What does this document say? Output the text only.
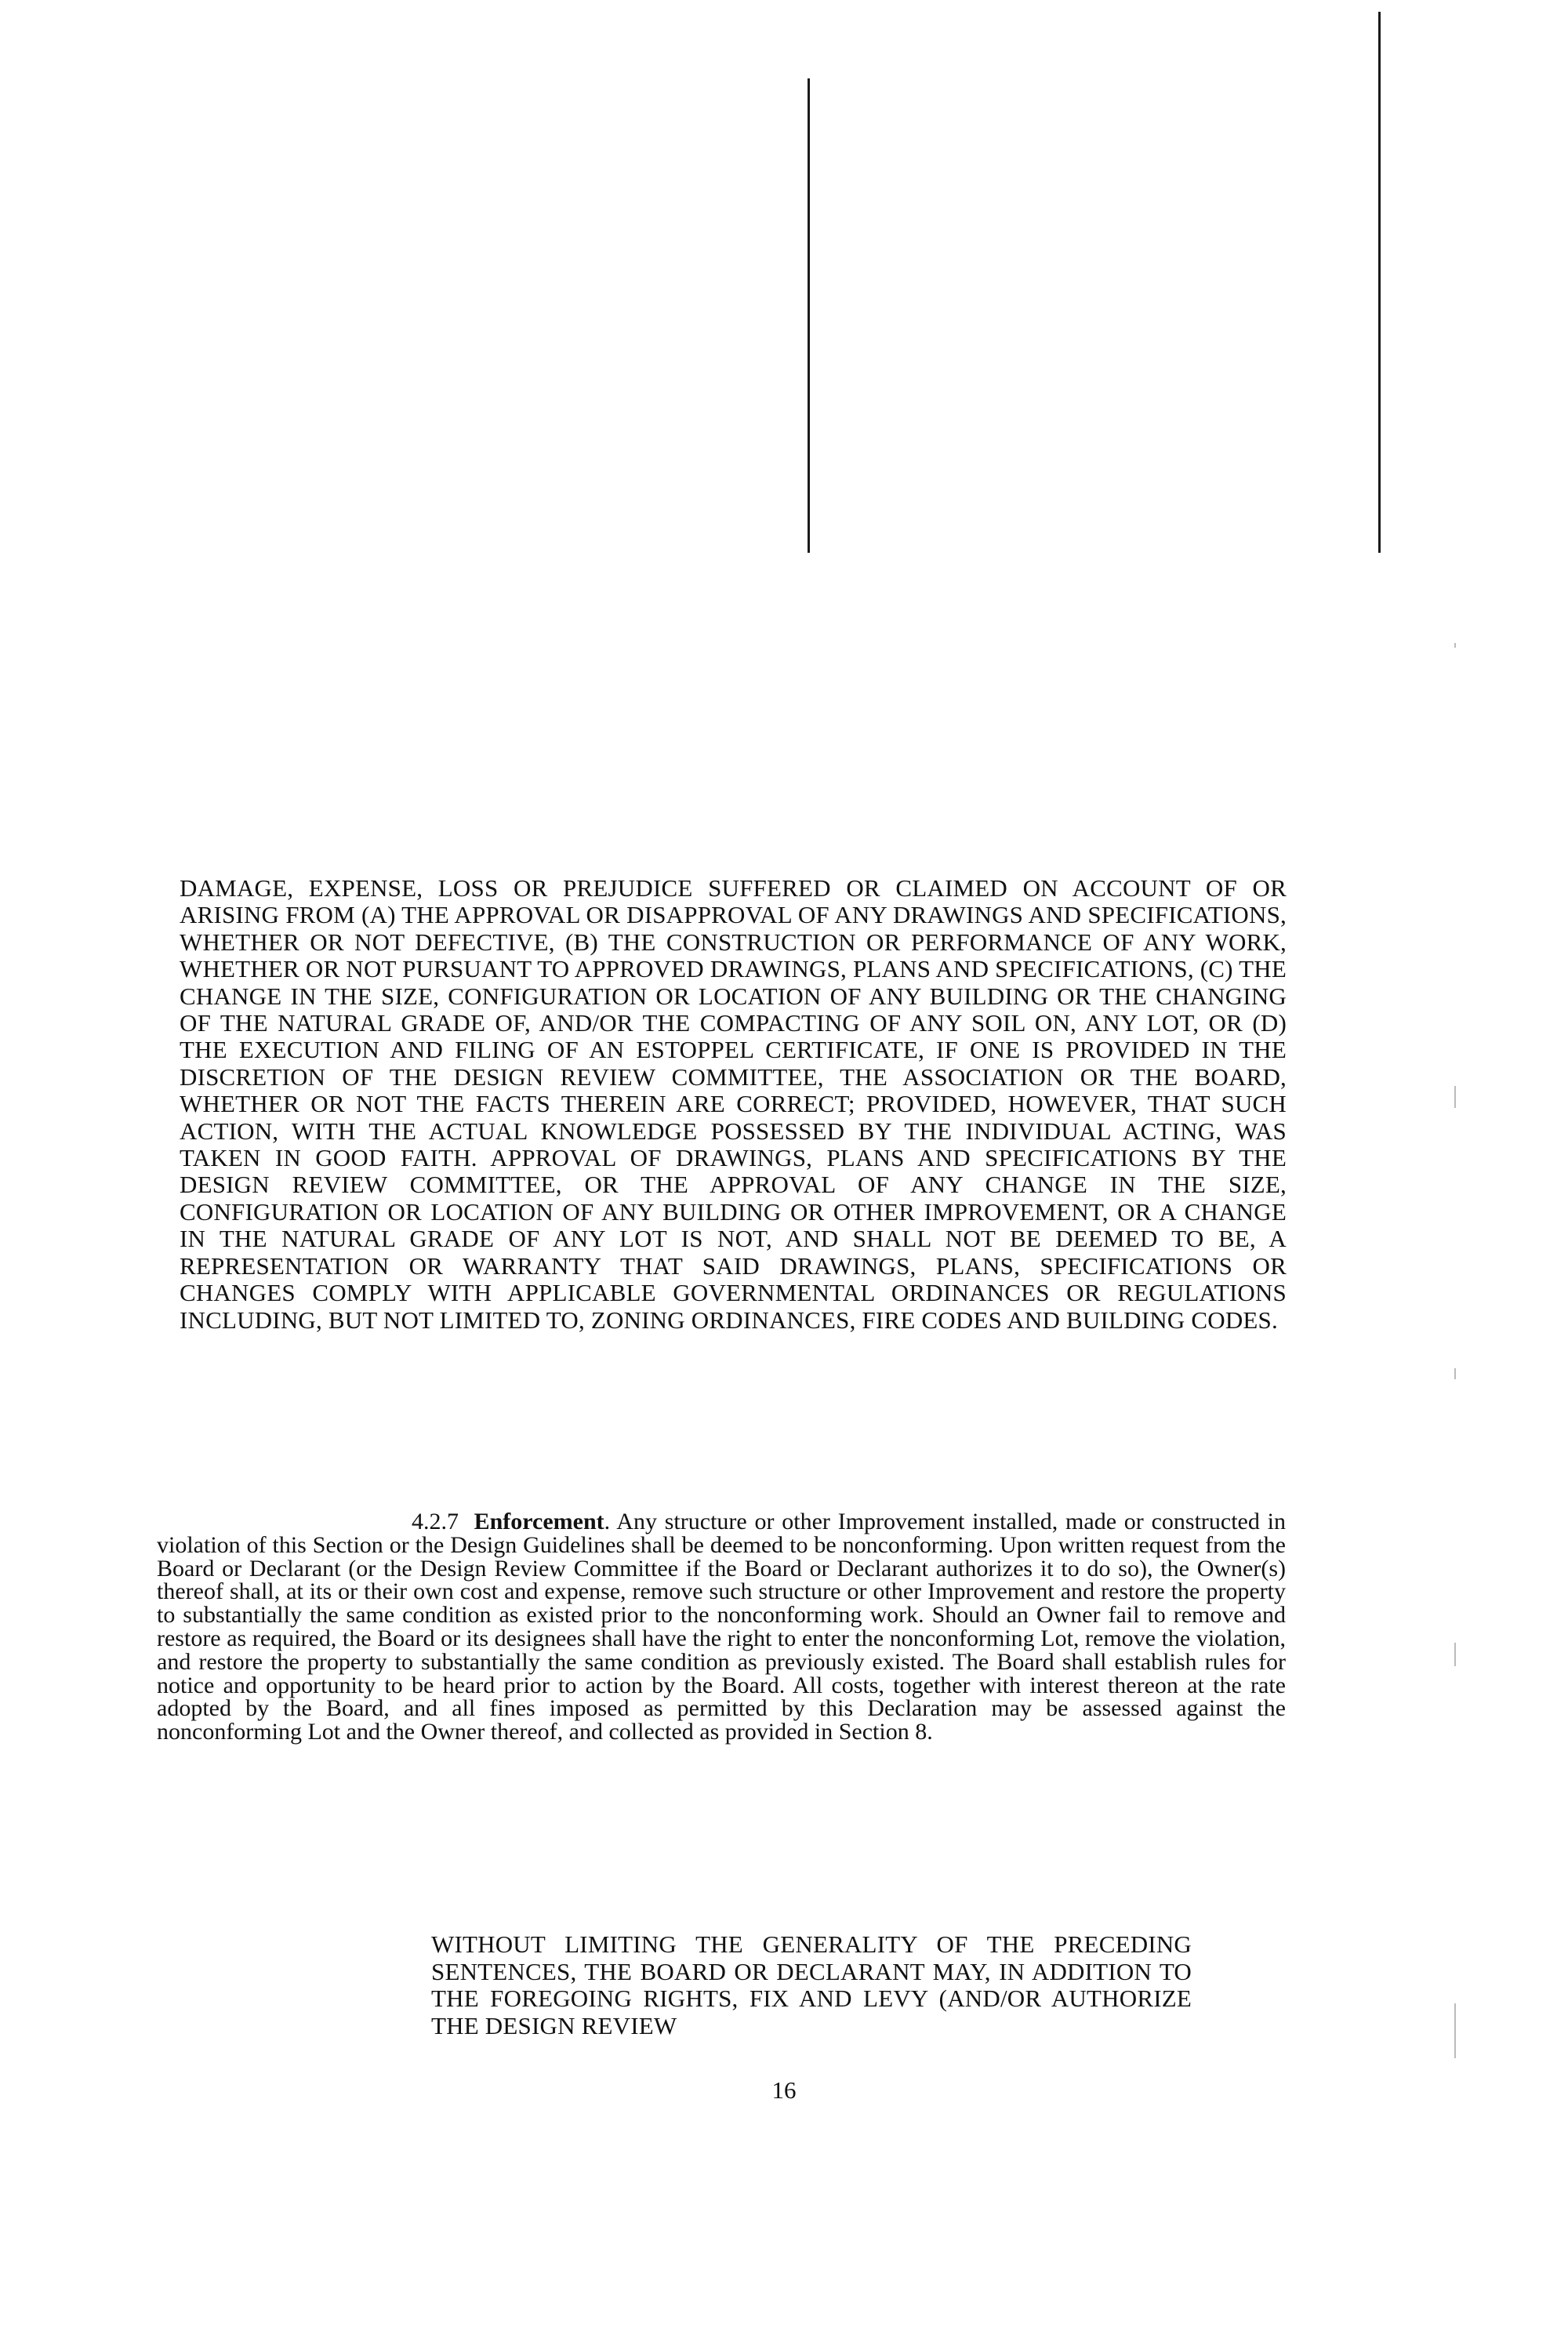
DAMAGE, EXPENSE, LOSS OR PREJUDICE SUFFERED OR CLAIMED ON ACCOUNT OF OR ARISING FROM (A) THE APPROVAL OR DISAPPROVAL OF ANY DRAWINGS AND SPECIFICATIONS, WHETHER OR NOT DEFECTIVE, (B) THE CONSTRUCTION OR PERFORMANCE OF ANY WORK, WHETHER OR NOT PURSUANT TO APPROVED DRAWINGS, PLANS AND SPECIFICATIONS, (C) THE CHANGE IN THE SIZE, CONFIGURATION OR LOCATION OF ANY BUILDING OR THE CHANGING OF THE NATURAL GRADE OF, AND/OR THE COMPACTING OF ANY SOIL ON, ANY LOT, OR (D) THE EXECUTION AND FILING OF AN ESTOPPEL CERTIFICATE, IF ONE IS PROVIDED IN THE DISCRETION OF THE DESIGN REVIEW COMMITTEE, THE ASSOCIATION OR THE BOARD, WHETHER OR NOT THE FACTS THEREIN ARE CORRECT; PROVIDED, HOWEVER, THAT SUCH ACTION, WITH THE ACTUAL KNOWLEDGE POSSESSED BY THE INDIVIDUAL ACTING, WAS TAKEN IN GOOD FAITH. APPROVAL OF DRAWINGS, PLANS AND SPECIFICATIONS BY THE DESIGN REVIEW COMMITTEE, OR THE APPROVAL OF ANY CHANGE IN THE SIZE, CONFIGURATION OR LOCATION OF ANY BUILDING OR OTHER IMPROVEMENT, OR A CHANGE IN THE NATURAL GRADE OF ANY LOT IS NOT, AND SHALL NOT BE DEEMED TO BE, A REPRESENTATION OR WARRANTY THAT SAID DRAWINGS, PLANS, SPECIFICATIONS OR CHANGES COMPLY WITH APPLICABLE GOVERNMENTAL ORDINANCES OR REGULATIONS INCLUDING, BUT NOT LIMITED TO, ZONING ORDINANCES, FIRE CODES AND BUILDING CODES.

4.2.7 Enforcement. Any structure or other Improvement installed, made or constructed in violation of this Section or the Design Guidelines shall be deemed to be nonconforming. Upon written request from the Board or Declarant (or the Design Review Committee if the Board or Declarant authorizes it to do so), the Owner(s) thereof shall, at its or their own cost and expense, remove such structure or other Improvement and restore the property to substantially the same condition as existed prior to the nonconforming work. Should an Owner fail to remove and restore as required, the Board or its designees shall have the right to enter the nonconforming Lot, remove the violation, and restore the property to substantially the same condition as previously existed. The Board shall establish rules for notice and opportunity to be heard prior to action by the Board. All costs, together with interest thereon at the rate adopted by the Board, and all fines imposed as permitted by this Declaration may be assessed against the nonconforming Lot and the Owner thereof, and collected as provided in Section 8.

WITHOUT LIMITING THE GENERALITY OF THE PRECEDING SENTENCES, THE BOARD OR DECLARANT MAY, IN ADDITION TO THE FOREGOING RIGHTS, FIX AND LEVY (AND/OR AUTHORIZE THE DESIGN REVIEW

16
